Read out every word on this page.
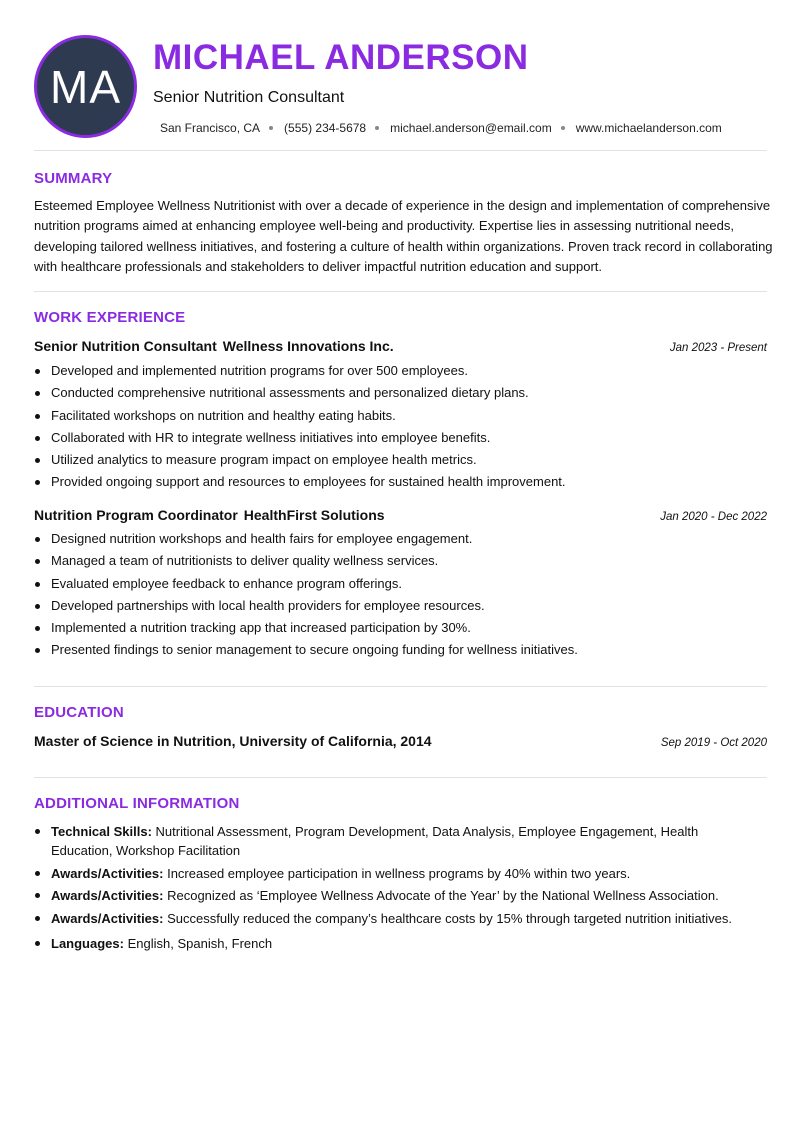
MA
MICHAEL ANDERSON
Senior Nutrition Consultant
San Francisco, CA (555) 234-5678 michael.anderson@email.com www.michaelanderson.com
SUMMARY

Esteemed Employee Wellness Nutritionist with over a decade of experience in the design and implementation of comprehensive nutrition programs aimed at enhancing employee well-being and productivity. Expertise lies in assessing nutritional needs, developing tailored wellness initiatives, and fostering a culture of health within organizations. Proven track record in collaborating with healthcare professionals and stakeholders to deliver impactful nutrition education and support.

WORK EXPERIENCE
Senior Nutrition Consultant Wellness Innovations Inc.	Jan 2023 - Present
Developed and implemented nutrition programs for over 500 employees.
Conducted comprehensive nutritional assessments and personalized dietary plans.
Facilitated workshops on nutrition and healthy eating habits.
Collaborated with HR to integrate wellness initiatives into employee benefits.
Utilized analytics to measure program impact on employee health metrics.
Provided ongoing support and resources to employees for sustained health improvement.
Nutrition Program Coordinator HealthFirst Solutions	Jan 2020 - Dec 2022
Designed nutrition workshops and health fairs for employee engagement.
Managed a team of nutritionists to deliver quality wellness services.
Evaluated employee feedback to enhance program offerings.
Developed partnerships with local health providers for employee resources.
Implemented a nutrition tracking app that increased participation by 30%.
Presented findings to senior management to secure ongoing funding for wellness initiatives.
EDUCATION
Master of Science in Nutrition, University of California, 2014	Sep 2019 - Oct 2020
ADDITIONAL INFORMATION
Technical Skills: Nutritional Assessment, Program Development, Data Analysis, Employee Engagement, Health Education, Workshop Facilitation
Awards/Activities: Increased employee participation in wellness programs by 40% within two years.
Awards/Activities: Recognized as ‘Employee Wellness Advocate of the Year’ by the National Wellness Association.
Awards/Activities: Successfully reduced the company’s healthcare costs by 15% through targeted nutrition initiatives.
Languages: English, Spanish, French
